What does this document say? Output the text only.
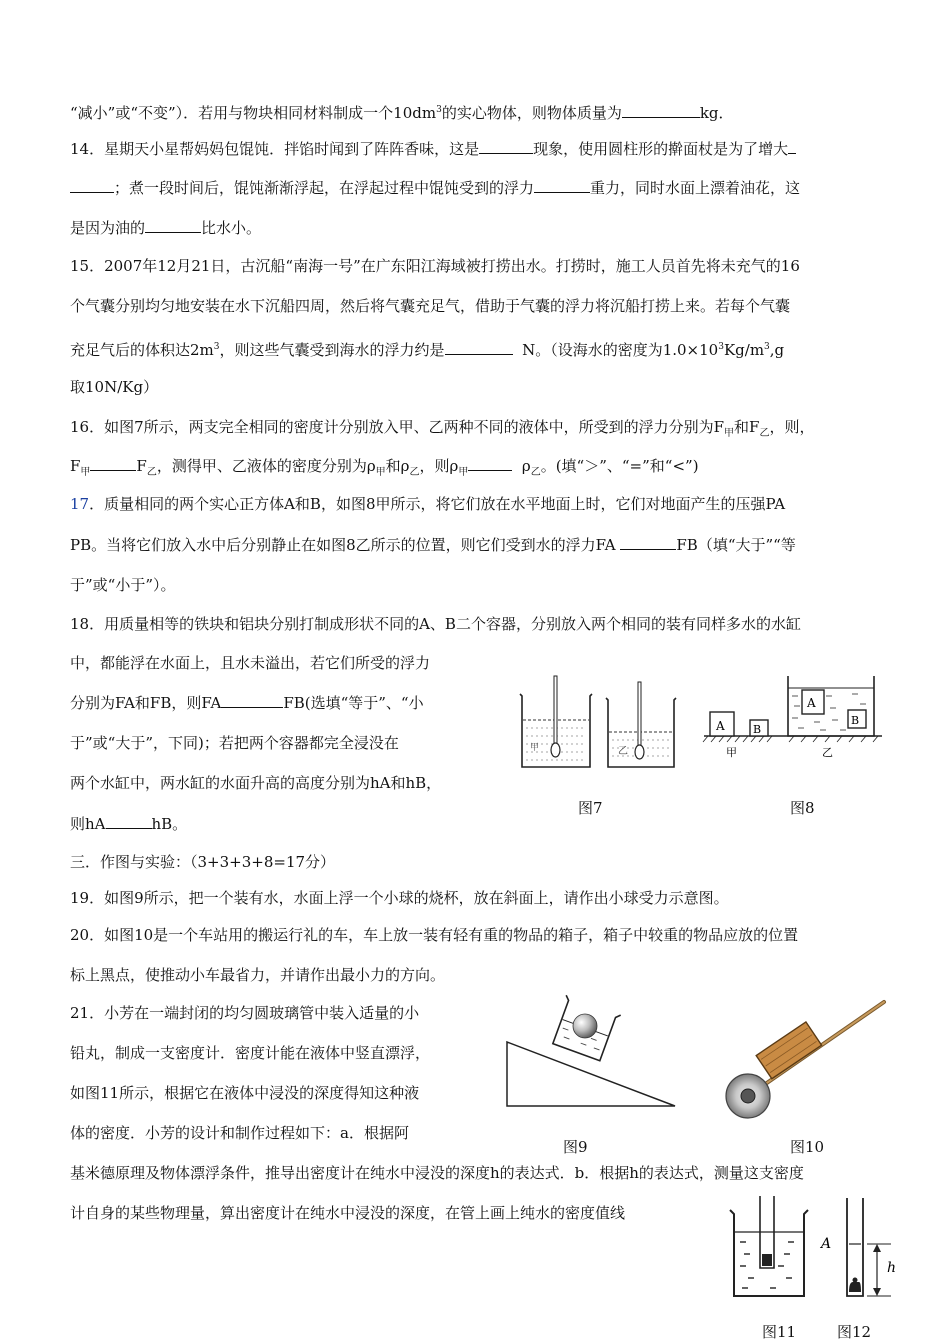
“减小”或“不变”）．若用与物块相同材料制成一个$10dm^3$的实心物体，则物体质量为	kg．
14．星期天小星帮妈妈包馄饨．拌馅时闻到了阵阵香味，这是	现象，使用圆柱形的擀面杖是为了增大
；煮一段时间后，馄饨渐渐浮起，在浮起过程中馄饨受到的浮力	重力，同时水面上漂着油花，这
是因为油的	比水小。
15．2007年12月21日，古沉船“南海一号”在广东阳江海域被打捞出水。打捞时，施工人员首先将未充气的16
个气囊分别均匀地安装在水下沉船四周，然后将气囊充足气，借助于气囊的浮力将沉船打捞上来。若每个气囊
充足气后的体积达$2m^3$，则这些气囊受到海水的浮力约是	N。（设海水的密度为$1.0\times 10^3Kg/m^3,g$
取10N/Kg）
16．如图7所示，两支完全相同的密度计分别放入甲、乙两种不同的液体中，所受到的浮力分别为$F_甲$和$F_乙$，则，
$F_甲$	$F_乙$，测得甲、乙液体的密度分别为$\rho_甲$和$\rho_乙$，则$\rho_甲$	$\rho_乙$。(填“＞”、“=”和“<”)
17．质量相同的两个实心正方体A和B，如图8甲所示，将它们放在水平地面上时，它们对地面产生的压强PA
PB。当将它们放入水中后分别静止在如图8乙所示的位置，则它们受到水的浮力FA	FB（填“大于”“等
于”或“小于”）。
18．用质量相等的铁块和铝块分别打制成形状不同的A、B二个容器，分别放入两个相同的装有同样多水的水缸
中，都能浮在水面上，且水未溢出，若它们所受的浮力
分别为FA和FB，则FA	FB(选填“等于”、“小
于”或“大于”，下同)；若把两个容器都完全浸没在
两个水缸中，两水缸的水面升高的高度分别为hA和hB，
则hA	hB。
三．作图与实验：（3+3+3+8=17分）
19．如图9所示，把一个装有水，水面上浮一个小球的烧杯，放在斜面上，请作出小球受力示意图。
20．如图10是一个车站用的搬运行礼的车，车上放一装有轻有重的物品的箱子，箱子中较重的物品应放的位置
标上黑点，使推动小车最省力，并请作出最小力的方向。
21．小芳在一端封闭的均匀圆玻璃管中装入适量的小
铅丸，制成一支密度计．密度计能在液体中竖直漂浮，
如图11所示，根据它在液体中浸没的深度得知这种液
体的密度．小芳的设计和制作过程如下：a．根据阿
基米德原理及物体漂浮条件，推导出密度计在纯水中浸没的深度h的表达式．b．根据h的表达式，测量这支密度
计自身的某些物理量，算出密度计在纯水中浸没的深度，在管上画上纯水的密度值线
甲	乙
图7
A	B
甲
A
B
乙
图8
图9	图10
图11
A
h
图12
